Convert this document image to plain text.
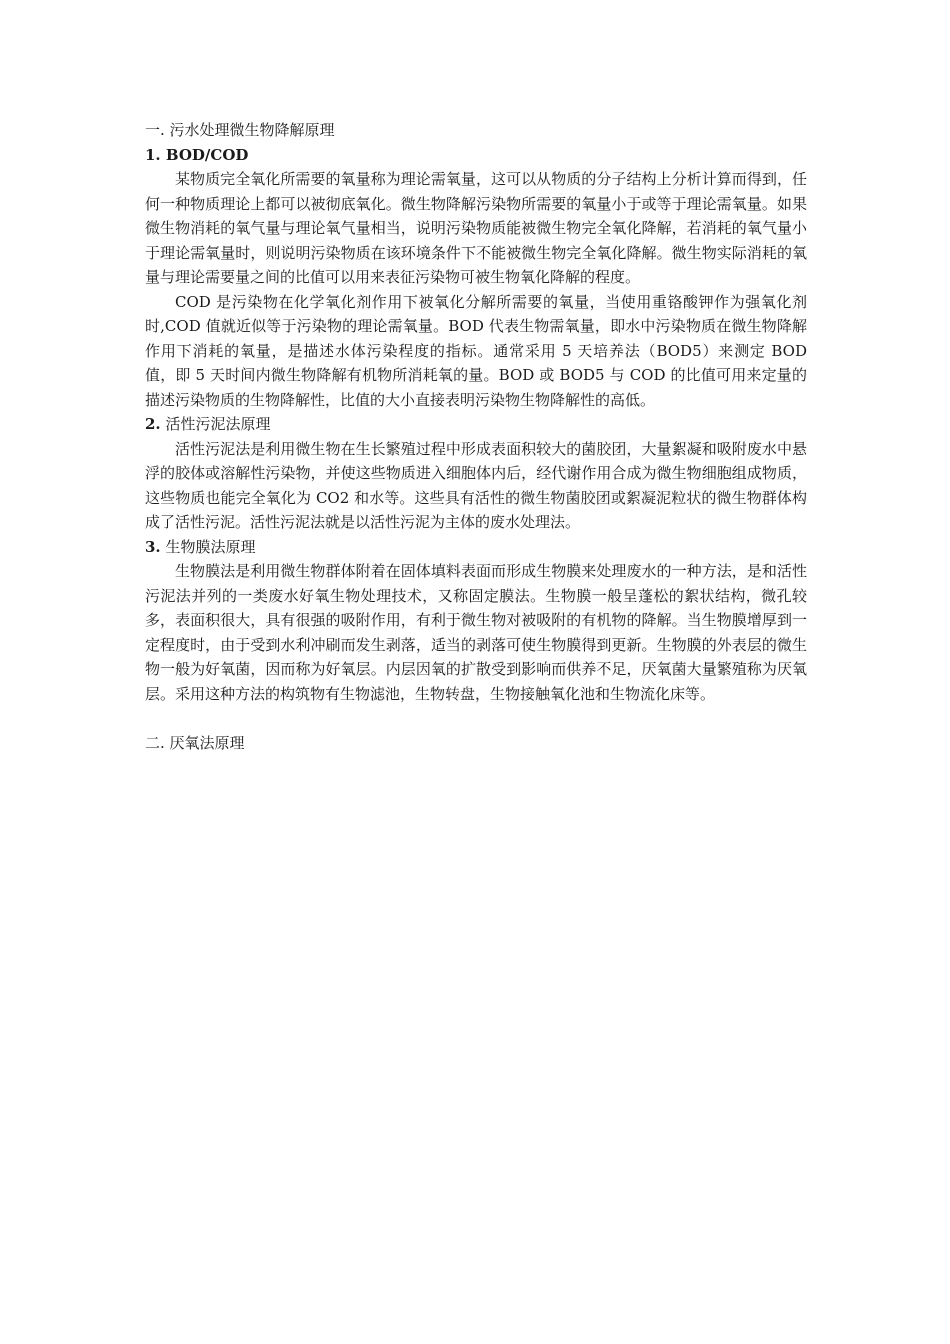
一. 污水处理微生物降解原理
1. BOD/COD

某物质完全氧化所需要的氧量称为理论需氧量，这可以从物质的分子结构上分析计算而得到，任何一种物质理论上都可以被彻底氧化。微生物降解污染物所需要的氧量小于或等于理论需氧量。如果微生物消耗的氧气量与理论氧气量相当，说明污染物质能被微生物完全氧化降解，若消耗的氧气量小于理论需氧量时，则说明污染物质在该环境条件下不能被微生物完全氧化降解。微生物实际消耗的氧量与理论需要量之间的比值可以用来表征污染物可被生物氧化降解的程度。

COD 是污染物在化学氧化剂作用下被氧化分解所需要的氧量，当使用重铬酸钾作为强氧化剂时,COD 值就近似等于污染物的理论需氧量。BOD 代表生物需氧量，即水中污染物质在微生物降解作用下消耗的氧量，是描述水体污染程度的指标。通常采用 5 天培养法（BOD5）来测定 BOD 值，即 5 天时间内微生物降解有机物所消耗氧的量。BOD 或 BOD5 与 COD 的比值可用来定量的描述污染物质的生物降解性，比值的大小直接表明污染物生物降解性的高低。

2. 活性污泥法原理

活性污泥法是利用微生物在生长繁殖过程中形成表面积较大的菌胶团，大量絮凝和吸附废水中悬浮的胶体或溶解性污染物，并使这些物质进入细胞体内后，经代谢作用合成为微生物细胞组成物质，这些物质也能完全氧化为 CO2 和水等。这些具有活性的微生物菌胶团或絮凝泥粒状的微生物群体构成了活性污泥。活性污泥法就是以活性污泥为主体的废水处理法。

3. 生物膜法原理

生物膜法是利用微生物群体附着在固体填料表面而形成生物膜来处理废水的一种方法，是和活性污泥法并列的一类废水好氧生物处理技术，又称固定膜法。生物膜一般呈蓬松的絮状结构，微孔较多，表面积很大，具有很强的吸附作用，有利于微生物对被吸附的有机物的降解。当生物膜增厚到一定程度时，由于受到水利冲刷而发生剥落，适当的剥落可使生物膜得到更新。生物膜的外表层的微生物一般为好氧菌，因而称为好氧层。内层因氧的扩散受到影响而供养不足，厌氧菌大量繁殖称为厌氧层。采用这种方法的构筑物有生物滤池，生物转盘，生物接触氧化池和生物流化床等。

二. 厌氧法原理
